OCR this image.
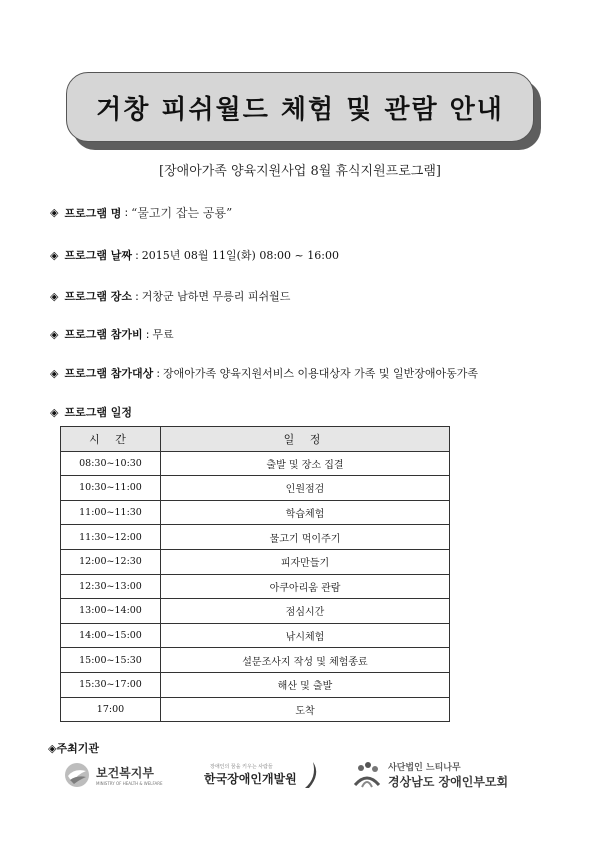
거창 피쉬월드 체험 및 관람 안내
[장애아가족 양육지원사업 8월 휴식지원프로그램]
◈ 프로그램 명 : “물고기 잡는 공룡”
◈ 프로그램 날짜 : 2015년 08월 11일(화) 08:00 ~ 16:00
◈ 프로그램 장소 : 거창군 남하면 무릉리 피쉬월드
◈ 프로그램 참가비 : 무료
◈ 프로그램 참가대상 : 장애아가족 양육지원서비스 이용대상자 가족 및 일반장애아동가족
◈ 프로그램 일정
시 간	일 정
08:30~10:30	출발 및 장소 집결
10:30~11:00	인원점검
11:00~11:30	학습체험
11:30~12:00	물고기 먹이주기
12:00~12:30	피자만들기
12:30~13:00	아쿠아리움 관람
13:00~14:00	점심시간
14:00~15:00	낚시체험
15:00~15:30	설문조사지 작성 및 체험종료
15:30~17:00	해산 및 출발
17:00	도착
◈주최기관
보건복지부
MINISTRY OF HEALTH & WELFARE
장애인의 꿈을 키우는 사람들
한국장애인개발원
사단법인 느티나무
경상남도 장애인부모회
